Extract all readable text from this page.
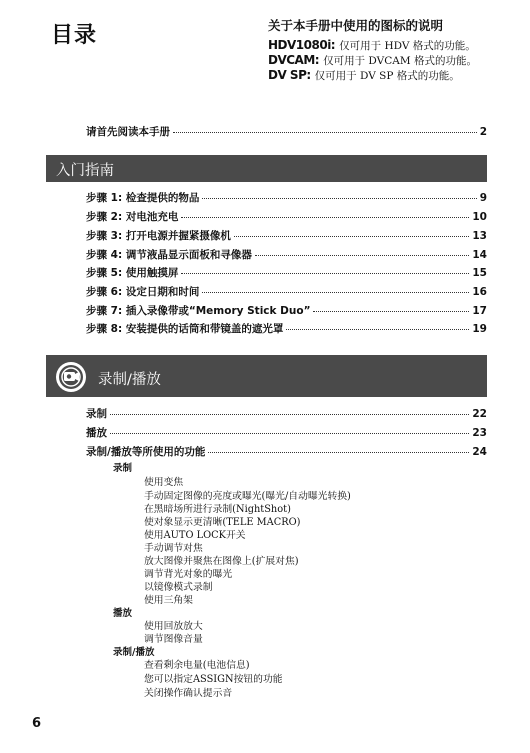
目录	关于本手册中使用的图标的说明
HDV1080i: 仅可用于 HDV 格式的功能。
DVCAM: 仅可用于 DVCAM 格式的功能。
DV SP: 仅可用于 DV SP 格式的功能。
请首先阅读本手册	2
入门指南
步骤 1: 检查提供的物品	9
步骤 2: 对电池充电	10
步骤 3: 打开电源并握紧摄像机	13
步骤 4: 调节液晶显示面板和寻像器	14
步骤 5: 使用触摸屏	15
步骤 6: 设定日期和时间	16
步骤 7: 插入录像带或“Memory Stick Duo”	17
步骤 8: 安装提供的话筒和带镜盖的遮光罩	19
录制/播放
录制	22
播放	23
录制/播放等所使用的功能	24
录制
使用变焦
手动固定图像的亮度或曝光(曝光/自动曝光转换)
在黑暗场所进行录制(NightShot)
使对象显示更清晰(TELE MACRO)
使用AUTO LOCK开关
手动调节对焦
放大图像并聚焦在图像上(扩展对焦)
调节背光对象的曝光
以镜像模式录制
使用三角架
播放
使用回放放大
调节图像音量
录制/播放
查看剩余电量(电池信息)
您可以指定ASSIGN按钮的功能
关闭操作确认提示音
6
